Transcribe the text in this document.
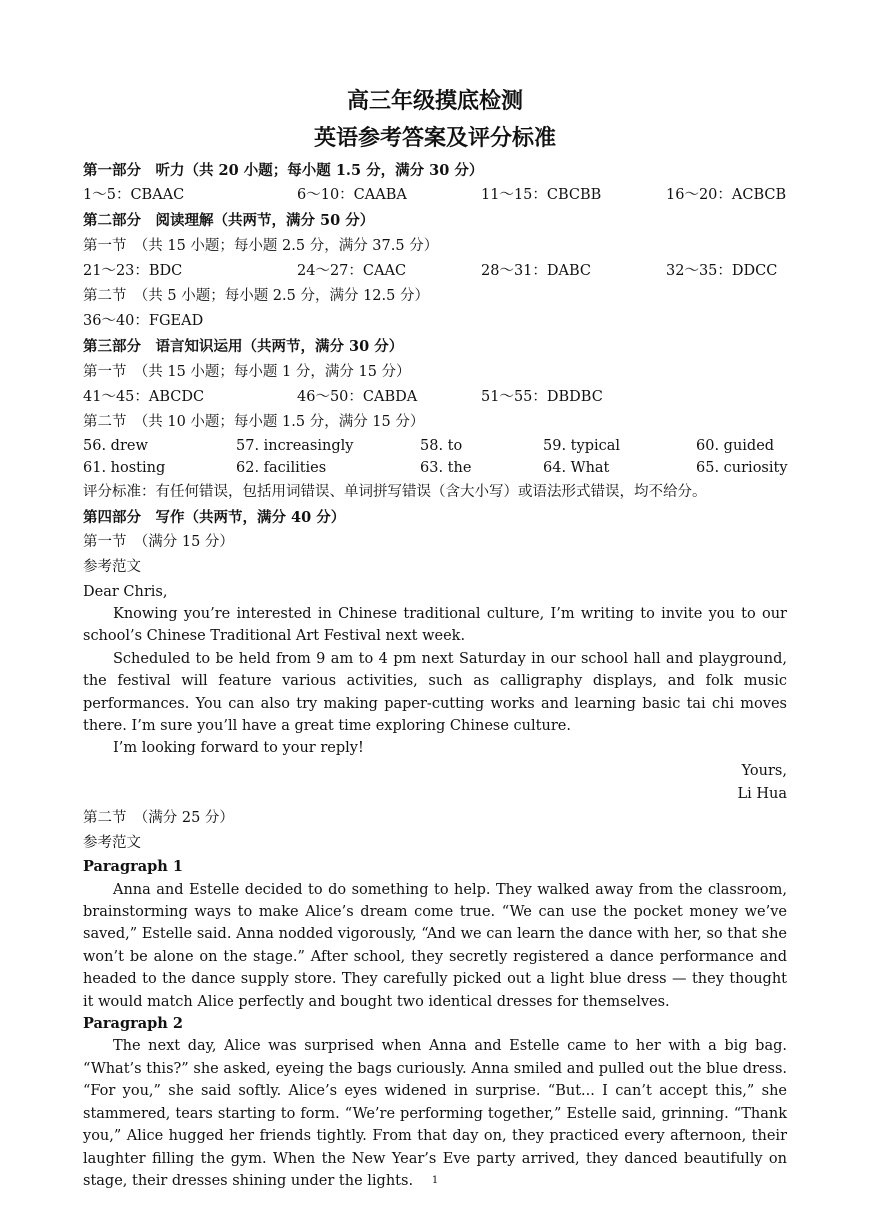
高三年级摸底检测
英语参考答案及评分标准
第一部分　听力（共 20 小题；每小题 1.5 分，满分 30 分）
1～5：CBAAC	6～10：CAABA	11～15：CBCBB	16～20：ACBCB
第二部分　阅读理解（共两节，满分 50 分）
第一节　（共 15 小题；每小题 2.5 分，满分 37.5 分）
21～23：BDC	24～27：CAAC	28～31：DABC	32～35：DDCC
第二节　（共 5 小题；每小题 2.5 分，满分 12.5 分）
36～40：FGEAD
第三部分　语言知识运用（共两节，满分 30 分）
第一节　（共 15 小题；每小题 1 分，满分 15 分）
41～45：ABCDC	46～50：CABDA	51～55：DBDBC
第二节　（共 10 小题；每小题 1.5 分，满分 15 分）
56. drew	57. increasingly	58. to	59. typical	60. guided
61. hosting	62. facilities	63. the	64. What	65. curiosity
评分标准：有任何错误，包括用词错误、单词拼写错误（含大小写）或语法形式错误，均不给分。
第四部分　写作（共两节，满分 40 分）
第一节　（满分 15 分）
参考范文
Dear Chris,

Knowing you’re interested in Chinese traditional culture, I’m writing to invite you to our school’s Chinese Traditional Art Festival next week.

Scheduled to be held from 9 am to 4 pm next Saturday in our school hall and playground, the festival will feature various activities, such as calligraphy displays, and folk music performances. You can also try making paper-cutting works and learning basic tai chi moves there. I’m sure you’ll have a great time exploring Chinese culture.

I’m looking forward to your reply!

Yours,
Li Hua
第二节　（满分 25 分）
参考范文
Paragraph 1

Anna and Estelle decided to do something to help. They walked away from the classroom, brainstorming ways to make Alice’s dream come true. “We can use the pocket money we’ve saved,” Estelle said. Anna nodded vigorously, “And we can learn the dance with her, so that she won’t be alone on the stage.” After school, they secretly registered a dance performance and headed to the dance supply store. They carefully picked out a light blue dress — they thought it would match Alice perfectly and bought two identical dresses for themselves.

Paragraph 2

The next day, Alice was surprised when Anna and Estelle came to her with a big bag. “What’s this?” she asked, eyeing the bags curiously. Anna smiled and pulled out the blue dress. “For you,” she said softly. Alice’s eyes widened in surprise. “But... I can’t accept this,” she stammered, tears starting to form. “We’re performing together,” Estelle said, grinning. “Thank you,” Alice hugged her friends tightly. From that day on, they practiced every afternoon, their laughter filling the gym. When the New Year’s Eve party arrived, they danced beautifully on stage, their dresses shining under the lights.	1
